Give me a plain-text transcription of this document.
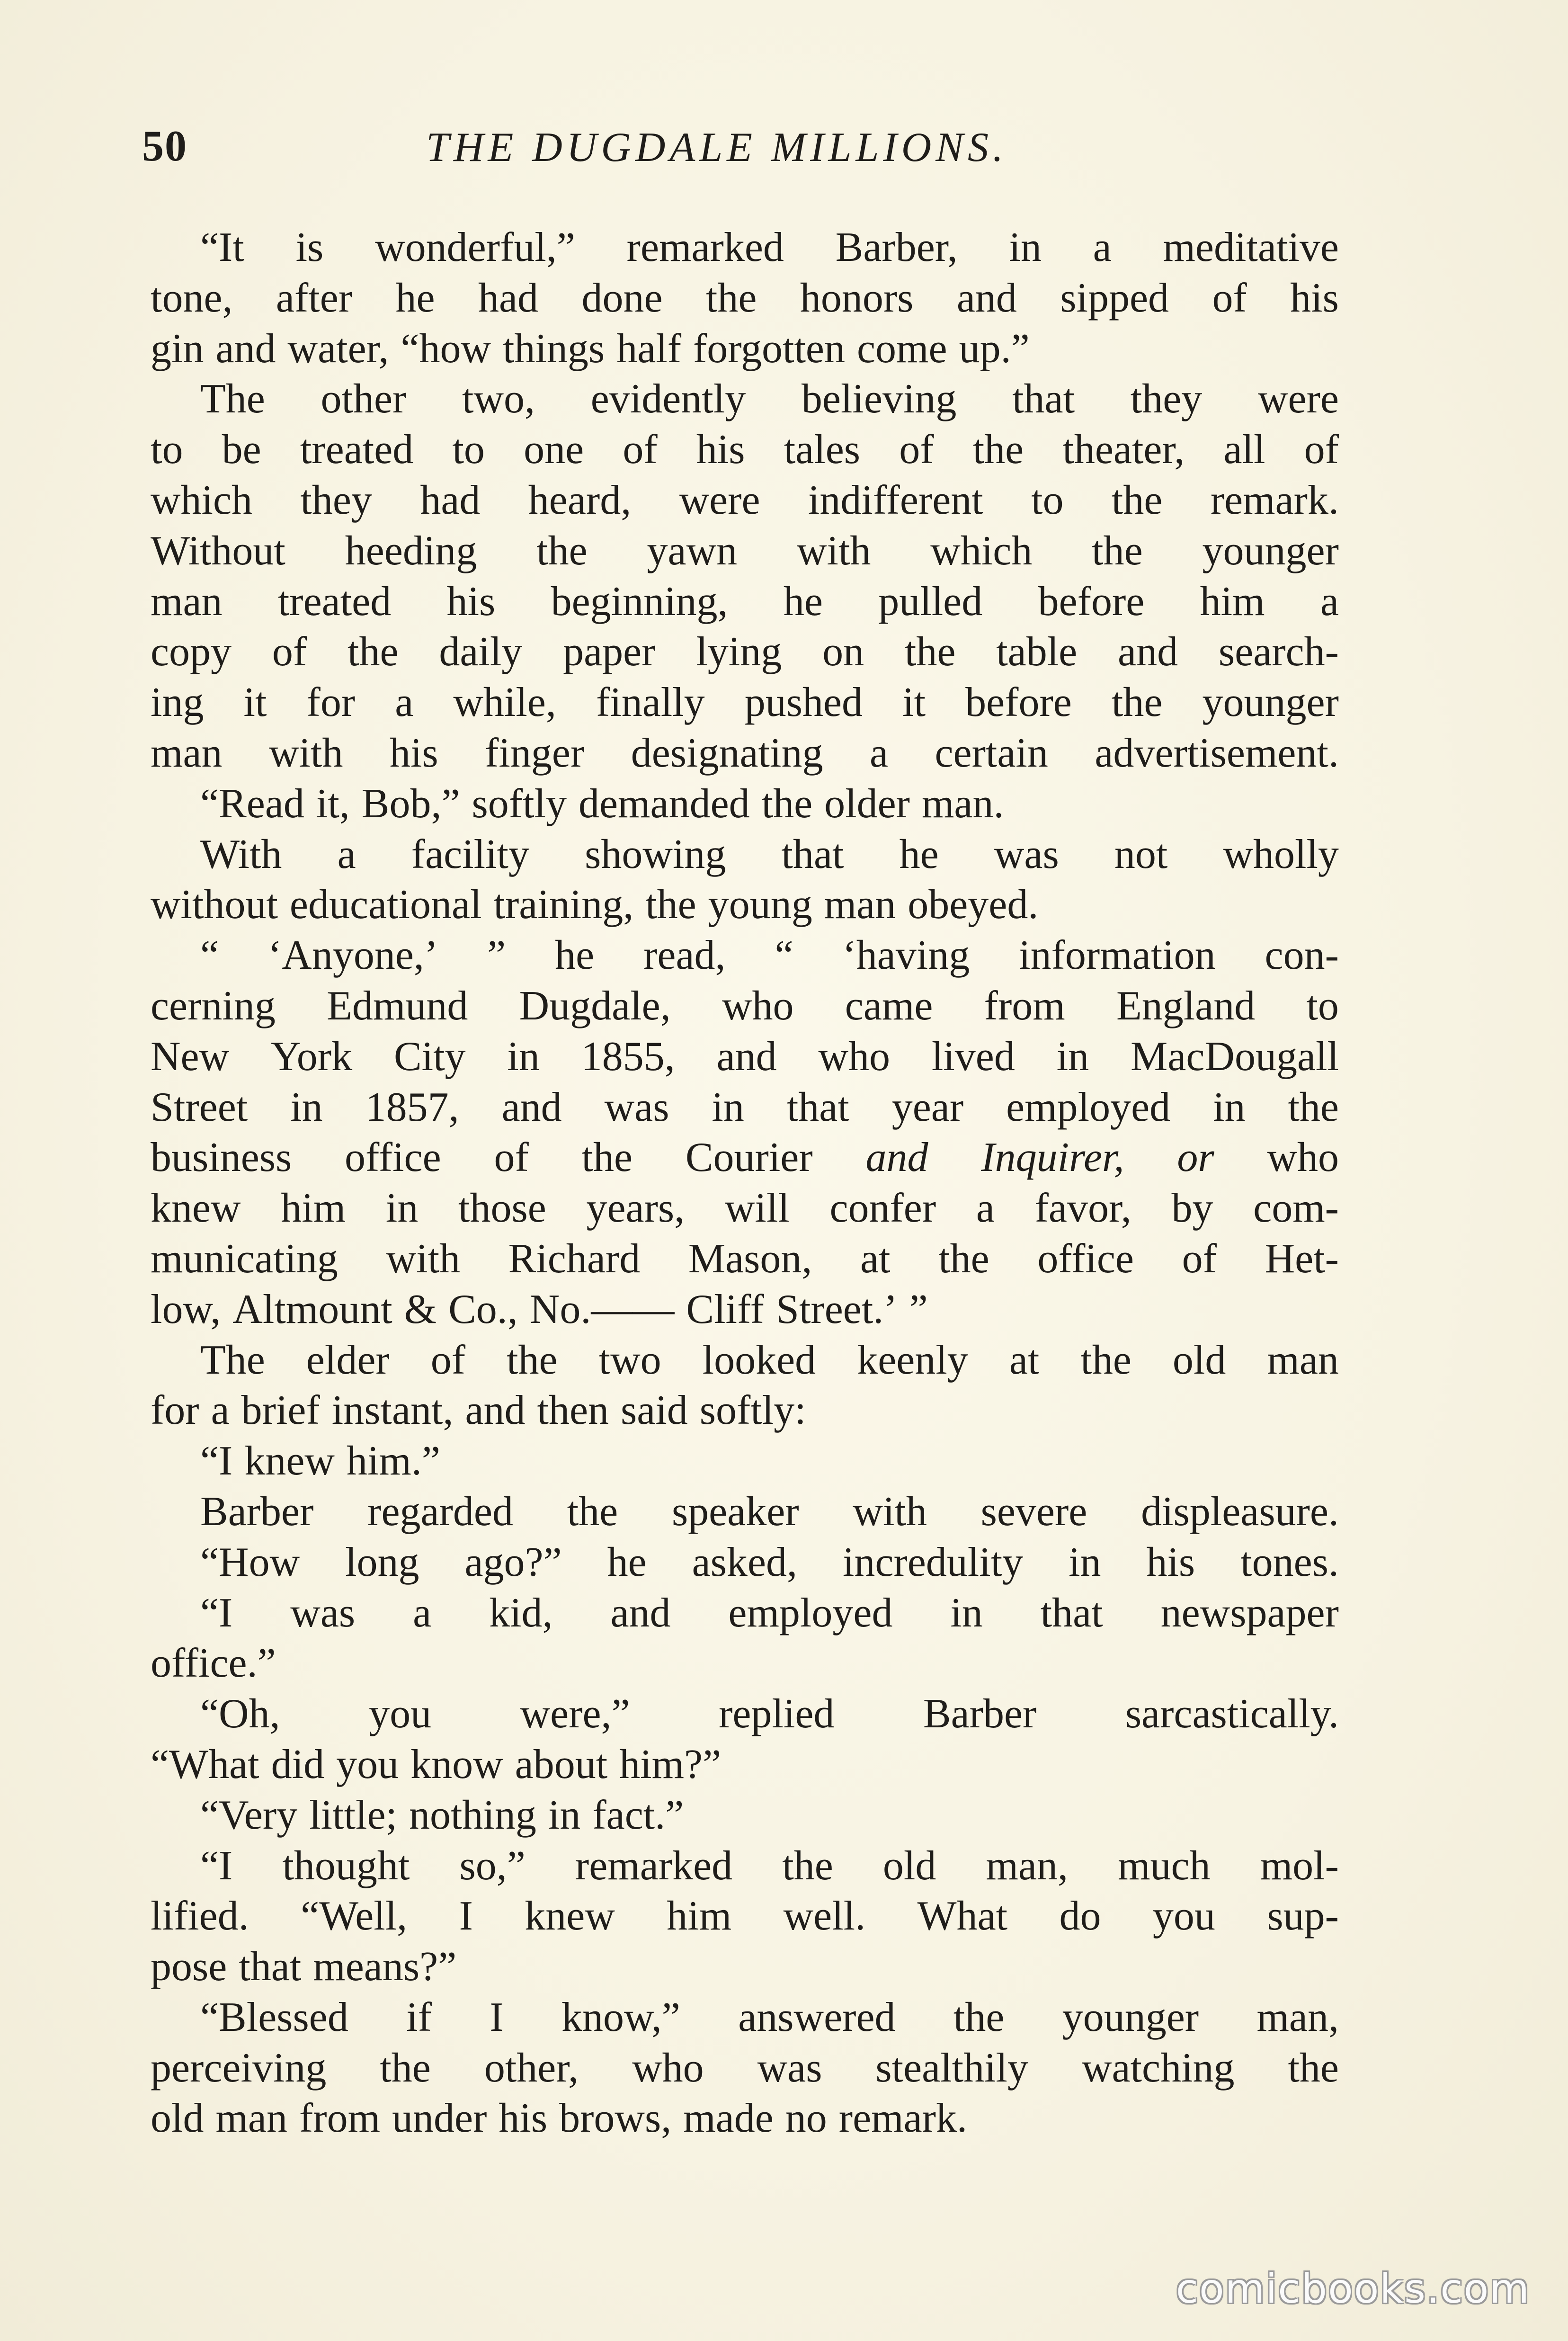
50	THE DUGDALE MILLIONS.
“It is wonderful,” remarked Barber, in a meditative
tone, after he had done the honors and sipped of his
gin and water, “how things half forgotten come up.”
The other two, evidently believing that they were
to be treated to one of his tales of the theater, all of
which they had heard, were indifferent to the remark.
Without heeding the yawn with which the younger
man treated his beginning, he pulled before him a
copy of the daily paper lying on the table and search-
ing it for a while, finally pushed it before the younger
man with his finger designating a certain advertisement.
“Read it, Bob,” softly demanded the older man.
With a facility showing that he was not wholly
without educational training, the young man obeyed.
“ ‘Anyone,’ ” he read, “ ‘having information con-
cerning Edmund Dugdale, who came from England to
New York City in 1855, and who lived in MacDougall
Street in 1857, and was in that year employed in the
business office of the Courier and Inquirer, or who
knew him in those years, will confer a favor, by com-
municating with Richard Mason, at the office of Het-
low, Altmount & Co., No.—— Cliff Street.’ ”
The elder of the two looked keenly at the old man
for a brief instant, and then said softly:
“I knew him.”
Barber regarded the speaker with severe displeasure.
“How long ago?” he asked, incredulity in his tones.
“I was a kid, and employed in that newspaper
office.”
“Oh, you were,” replied Barber sarcastically.
“What did you know about him?”
“Very little; nothing in fact.”
“I thought so,” remarked the old man, much mol-
lified. “Well, I knew him well. What do you sup-
pose that means?”
“Blessed if I know,” answered the younger man,
perceiving the other, who was stealthily watching the
old man from under his brows, made no remark.
comicbooks.com
